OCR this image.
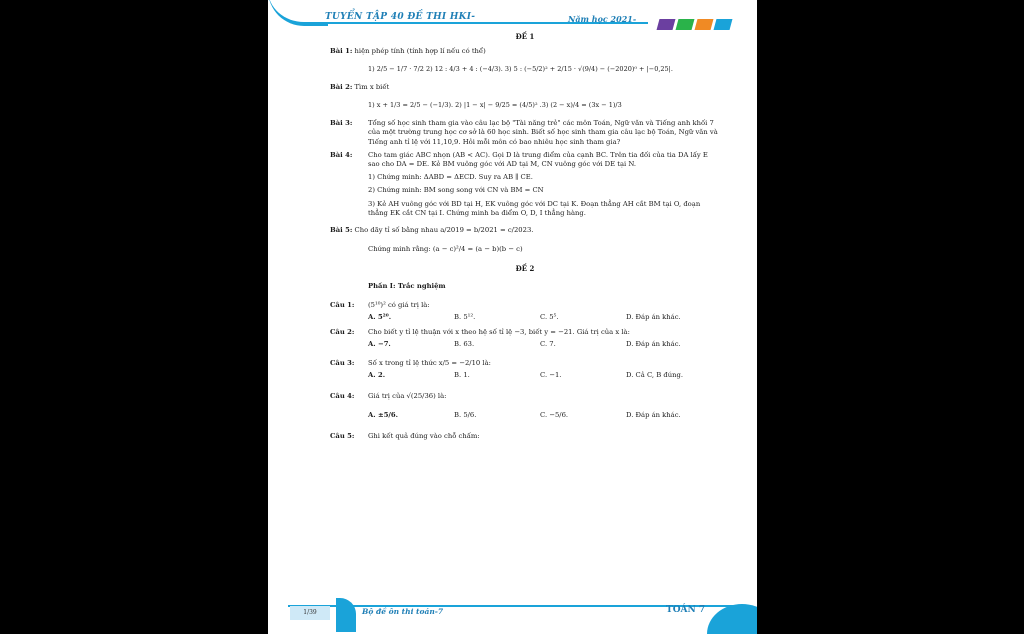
TUYỂN TẬP 40 ĐỀ THI HKI-	Năm học 2021-
ĐỀ 1
Bài 1: hiện phép tính (tính hợp lí nếu có thể)
1) 2/5 − 1/7 · 7/2 2) 12 : 4/3 + 4 : (−4/3). 3) 5 : (−5/2)² + 2/15 · √(9/4) − (−2020)⁰ + |−0,25|.
Bài 2: Tìm x biết
1) x + 1/3 = 2/5 − (−1/3). 2) |1 − x| − 9/25 = (4/5)² .3) (2 − x)/4 = (3x − 1)/3
Bài 3:	Tổng số học sinh tham gia vào câu lạc bộ "Tài năng trẻ" các môn Toán, Ngữ văn và Tiếng anh khối 7 của một trường trung học cơ sở là 60 học sinh. Biết số học sinh tham gia câu lạc bộ Toán, Ngữ văn và Tiếng anh tỉ lệ với 11,10,9. Hỏi mỗi môn có bao nhiêu học sinh tham gia?
Bài 4:	Cho tam giác ABC nhọn (AB < AC). Gọi D là trung điểm của cạnh BC. Trên tia đối của tia DA lấy E sao cho DA = DE. Kẻ BM vuông góc với AD tại M, CN vuông góc với DE tại N.
1) Chứng minh: ΔABD = ΔECD. Suy ra AB ∥ CE.
2) Chứng minh: BM song song với CN và BM = CN
3) Kẻ AH vuông góc với BD tại H, EK vuông góc với DC tại K. Đoạn thẳng AH cắt BM tại O, đoạn thẳng EK cắt CN tại I. Chứng minh ba điểm O, D, I thẳng hàng.
Bài 5: Cho dãy tỉ số bằng nhau a/2019 = b/2021 = c/2023.
Chứng minh rằng: (a − c)²/4 = (a − b)(b − c)
ĐỀ 2
Phần I: Trắc nghiệm
Câu 1:	(5¹⁰)² có giá trị là:
A. 5²⁰.	B. 5¹².	C. 5⁵.	D. Đáp án khác.
Câu 2:	Cho biết y tỉ lệ thuận với x theo hệ số tỉ lệ −3, biết y = −21. Giá trị của x là:
A. −7.	B. 63.	C. 7.	D. Đáp án khác.
Câu 3:	Số x trong tỉ lệ thức x/5 = −2/10 là:
A. 2.	B. 1.	C. −1.	D. Cả C, B đúng.
Câu 4:	Giá trị của √(25/36) là:
A. ±5/6.	B. 5/6.	C. −5/6.	D. Đáp án khác.
Câu 5:	Ghi kết quả đúng vào chỗ chấm:
1/39	Bộ đề ôn thi toán-7	TOÁN 7
